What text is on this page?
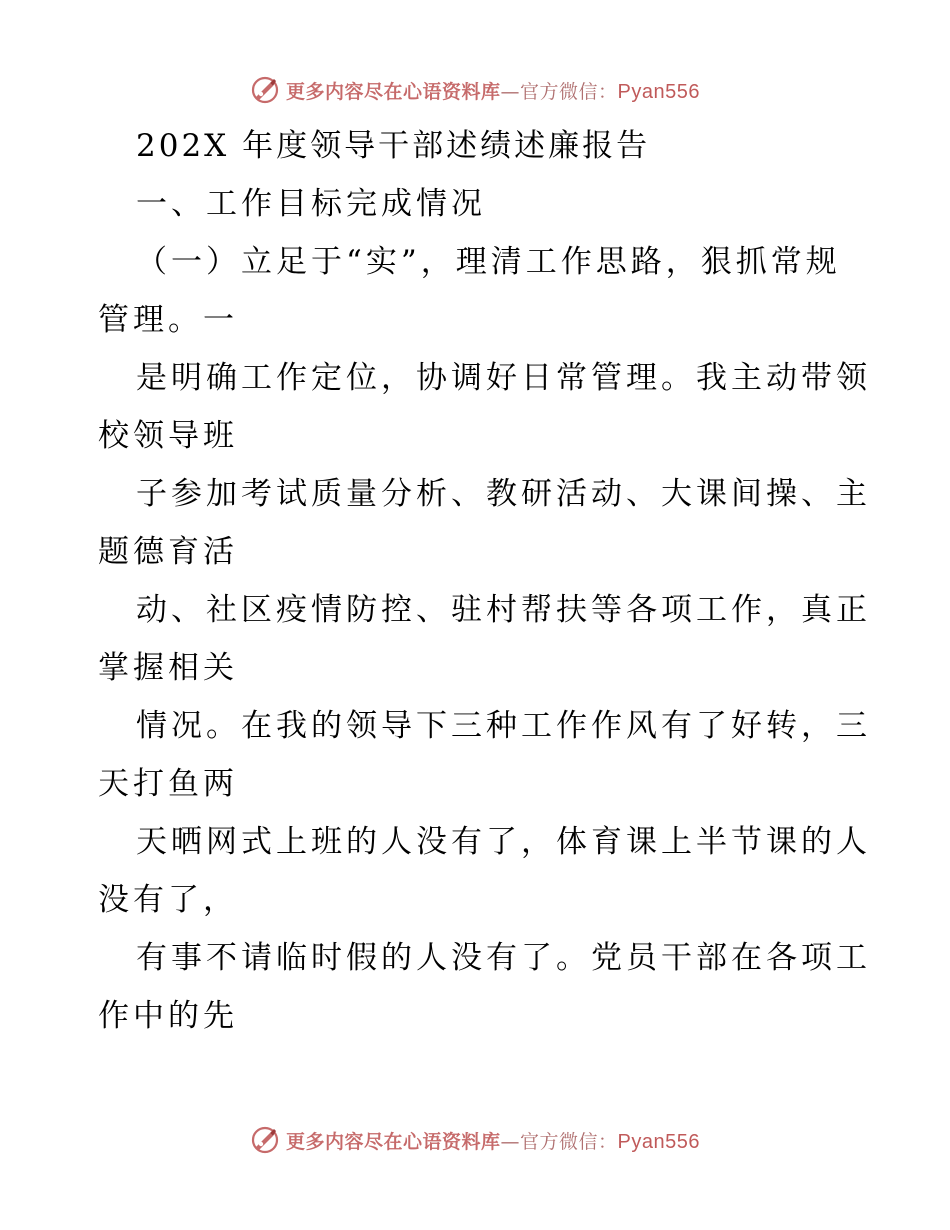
更多内容尽在心语资料库—官方微信：Pyan556
202X 年度领导干部述绩述廉报告
一、工作目标完成情况
（一）立足于“实”，理清工作思路，狠抓常规
管理。一
是明确工作定位，协调好日常管理。我主动带领
校领导班
子参加考试质量分析、教研活动、大课间操、主
题德育活
动、社区疫情防控、驻村帮扶等各项工作，真正
掌握相关
情况。在我的领导下三种工作作风有了好转，三
天打鱼两
天晒网式上班的人没有了，体育课上半节课的人
没有了，
有事不请临时假的人没有了。党员干部在各项工
作中的先
更多内容尽在心语资料库—官方微信：Pyan556
